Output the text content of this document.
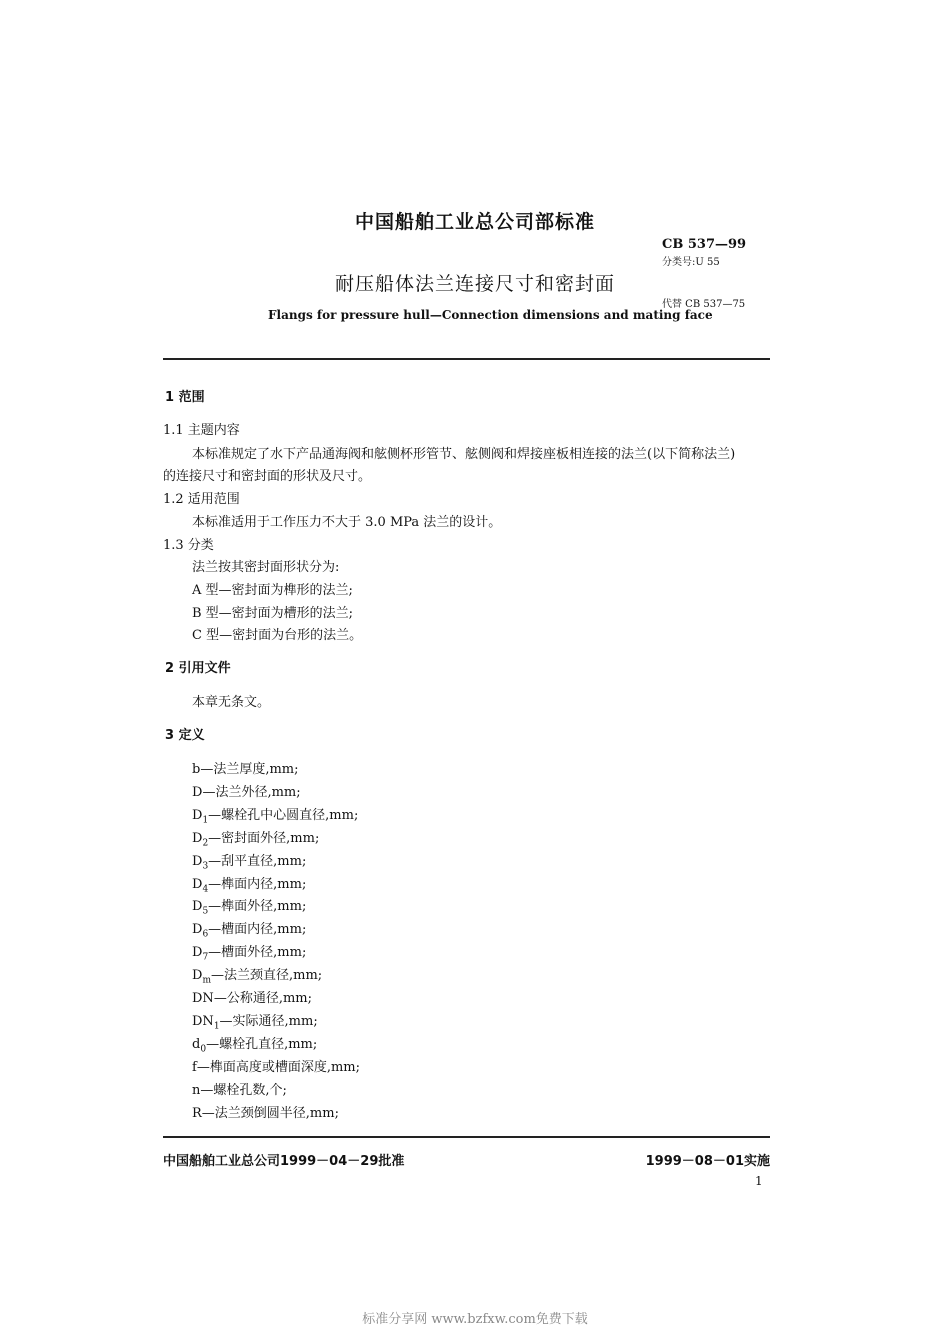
中国船舶工业总公司部标准
CB 537—99
分类号:U 55
耐压船体法兰连接尺寸和密封面
代替 CB 537—75
Flangs for pressure hull—Connection dimensions and mating face
1 范围
1.1 主题内容
本标准规定了水下产品通海阀和舷侧杯形管节、舷侧阀和焊接座板相连接的法兰(以下简称法兰)
的连接尺寸和密封面的形状及尺寸。
1.2 适用范围
本标准适用于工作压力不大于 3.0 MPa 法兰的设计。
1.3 分类
法兰按其密封面形状分为:
A 型—密封面为榫形的法兰;
B 型—密封面为槽形的法兰;
C 型—密封面为台形的法兰。
2 引用文件
本章无条文。
3 定义
b—法兰厚度,mm;
D—法兰外径,mm;
$D_1—$螺栓孔中心圆直径,mm;
$D_2—$密封面外径,mm;
$D_3—$刮平直径,mm;
$D_4—$榫面内径,mm;
$D_5—$榫面外径,mm;
$D_6—$槽面内径,mm;
$D_7—$槽面外径,mm;
$D_m—$法兰颈直径,mm;
DN—公称通径,mm;
$DN_1—$实际通径,mm;
$d_0—$螺栓孔直径,mm;
f—榫面高度或槽面深度,mm;
n—螺栓孔数,个;
R—法兰颈倒圆半径,mm;
中国船舶工业总公司1999－04－29批准	1999－08－01实施
1
标准分享网 www.bzfxw.com免费下载
